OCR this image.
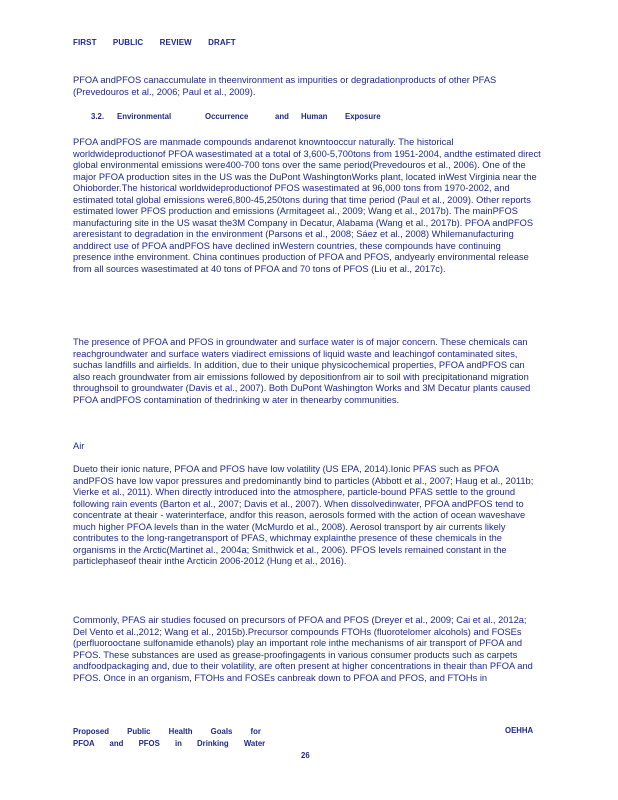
FIRST PUBLIC REVIEW DRAFT

PFOA andPFOS canaccumulate in theenvironment as impurities or degradationproducts of other PFAS (Prevedouros et al., 2006; Paul et al., 2009).

3.2. Environmental	Occurrence	and Human Exposure

PFOA andPFOS are manmade compounds andarenot knowntooccur naturally. The historical worldwideproductionof PFOA wasestimated at a total of 3,600-5,700tons from 1951-2004, andthe estimated direct global environmental emissions were400-700 tons over the same period(Prevedouros et al., 2006). One of the major PFOA production sites in the US was the DuPont WashingtonWorks plant, located inWest Virginia near the Ohioborder.The historical worldwideproductionof PFOS wasestimated at 96,000 tons from 1970-2002, and estimated total global emissions were6,800-45,250tons during that time period (Paul et al., 2009). Other reports estimated lower PFOS production and emissions (Armitageet al., 2009; Wang et al., 2017b). The mainPFOS manufacturing site in the US wasat the3M Company in Decatur, Alabama (Wang et al., 2017b). PFOA andPFOS areresistant to degradation in the environment (Parsons et al., 2008; Sáez et al., 2008) Whilemanufacturing anddirect use of PFOA andPFOS have declined inWestern countries, these compounds have continuing presence inthe environment. China continues production of PFOA and PFOS, andyearly environmental release from all sources wasestimated at 40 tons of PFOA and 70 tons of PFOS (Liu et al., 2017c).

The presence of PFOA and PFOS in groundwater and surface water is of major concern. These chemicals can reachgroundwater and surface waters viadirect emissions of liquid waste and leachingof contaminated sites, suchas landfills and airfields. In addition, due to their unique physicochemical properties, PFOA andPFOS can also reach groundwater from air emissions followed by depositionfrom air to soil with precipitationand migration throughsoil to groundwater (Davis et al., 2007). Both DuPont Washington Works and 3M Decatur plants caused PFOA andPFOS contamination of thedrinking w ater in thenearby communities.

Air

Dueto their ionic nature, PFOA and PFOS have low volatility (US EPA, 2014).Ionic PFAS such as PFOA andPFOS have low vapor pressures and predominantly bind to particles (Abbott et al., 2007; Haug et al., 2011b; Vierke et al., 2011). When directly introduced into the atmosphere, particle-bound PFAS settle to the ground following rain events (Barton et al., 2007; Davis et al., 2007). When dissolvedinwater, PFOA andPFOS tend to concentrate at theair - waterinterface, andfor this reason, aerosols formed with the action of ocean waveshave much higher PFOA levels than in the water (McMurdo et al., 2008). Aerosol transport by air currents likely contributes to the long-rangetransport of PFAS, whichmay explainthe presence of these chemicals in the organisms in the Arctic(Martinet al., 2004a; Smithwick et al., 2006). PFOS levels remained constant in the particlephaseof theair inthe Arcticin 2006-2012 (Hung et al., 2016).

Commonly, PFAS air studies focused on precursors of PFOA and PFOS (Dreyer et al., 2009; Cai et al., 2012a; Del Vento et al.,2012; Wang et al., 2015b).Precursor compounds FTOHs (fluorotelomer alcohols) and FOSEs (perfluorooctane sulfonamide ethanols) play an important role inthe mechanisms of air transport of PFOA and PFOS. These substances are used as grease-proofingagents in various consumer products such as carpets andfoodpackaging and, due to their volatility, are often present at higher concentrations in theair than PFOA and PFOS. Once in an organism, FTOHs and FOSEs canbreak down to PFOA and PFOS, and FTOHs in

Proposed Public Health Goals for
PFOA and PFOS in Drinking Water
OEHHA
26
